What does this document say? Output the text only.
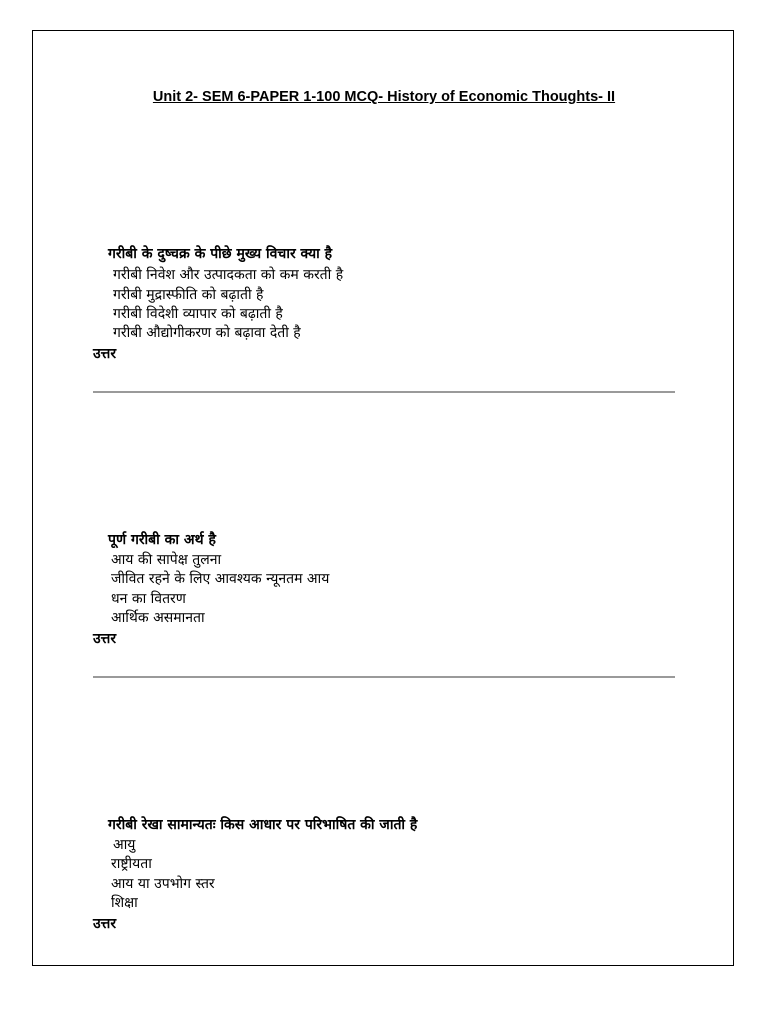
Unit 2- SEM 6-PAPER 1-100 MCQ- History of Economic Thoughts- II
गरीबी के दुष्चक्र के पीछे मुख्य विचार क्या है
गरीबी निवेश और उत्पादकता को कम करती है
गरीबी मुद्रास्फीति को बढ़ाती है
गरीबी विदेशी व्यापार को बढ़ाती है
गरीबी औद्योगीकरण को बढ़ावा देती है
उत्तर
पूर्ण गरीबी का अर्थ है
आय की सापेक्ष तुलना
जीवित रहने के लिए आवश्यक न्यूनतम आय
धन का वितरण
आर्थिक असमानता
उत्तर
गरीबी रेखा सामान्यतः किस आधार पर परिभाषित की जाती है
आयु
राष्ट्रीयता
आय या उपभोग स्तर
शिक्षा
उत्तर
